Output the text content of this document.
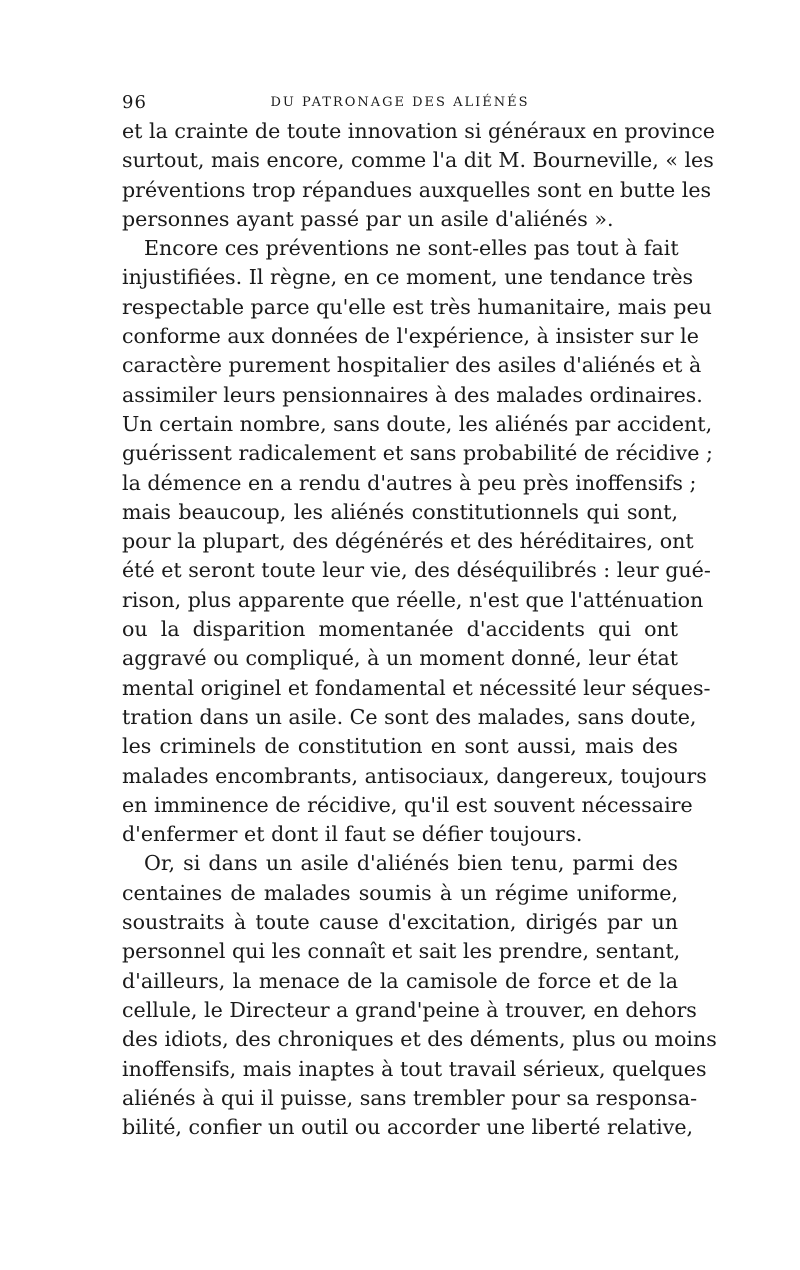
96	DU PATRONAGE DES ALIÉNÉS
et la crainte de toute innovation si généraux en province
surtout, mais encore, comme l'a dit M. Bourneville, « les
préventions trop répandues auxquelles sont en butte les
personnes ayant passé par un asile d'aliénés ».
Encore ces préventions ne sont-elles pas tout à fait
injustifiées. Il règne, en ce moment, une tendance très
respectable parce qu'elle est très humanitaire, mais peu
conforme aux données de l'expérience, à insister sur le
caractère purement hospitalier des asiles d'aliénés et à
assimiler leurs pensionnaires à des malades ordinaires.
Un certain nombre, sans doute, les aliénés par accident,
guérissent radicalement et sans probabilité de récidive ;
la démence en a rendu d'autres à peu près inoffensifs ;
mais beaucoup, les aliénés constitutionnels qui sont,
pour la plupart, des dégénérés et des héréditaires, ont
été et seront toute leur vie, des déséquilibrés : leur gué-
rison, plus apparente que réelle, n'est que l'atténuation
ou la disparition momentanée d'accidents qui ont
aggravé ou compliqué, à un moment donné, leur état
mental originel et fondamental et nécessité leur séques-
tration dans un asile. Ce sont des malades, sans doute,
les criminels de constitution en sont aussi, mais des
malades encombrants, antisociaux, dangereux, toujours
en imminence de récidive, qu'il est souvent nécessaire
d'enfermer et dont il faut se défier toujours.
Or, si dans un asile d'aliénés bien tenu, parmi des
centaines de malades soumis à un régime uniforme,
soustraits à toute cause d'excitation, dirigés par un
personnel qui les connaît et sait les prendre, sentant,
d'ailleurs, la menace de la camisole de force et de la
cellule, le Directeur a grand'peine à trouver, en dehors
des idiots, des chroniques et des déments, plus ou moins
inoffensifs, mais inaptes à tout travail sérieux, quelques
aliénés à qui il puisse, sans trembler pour sa responsa-
bilité, confier un outil ou accorder une liberté relative,
